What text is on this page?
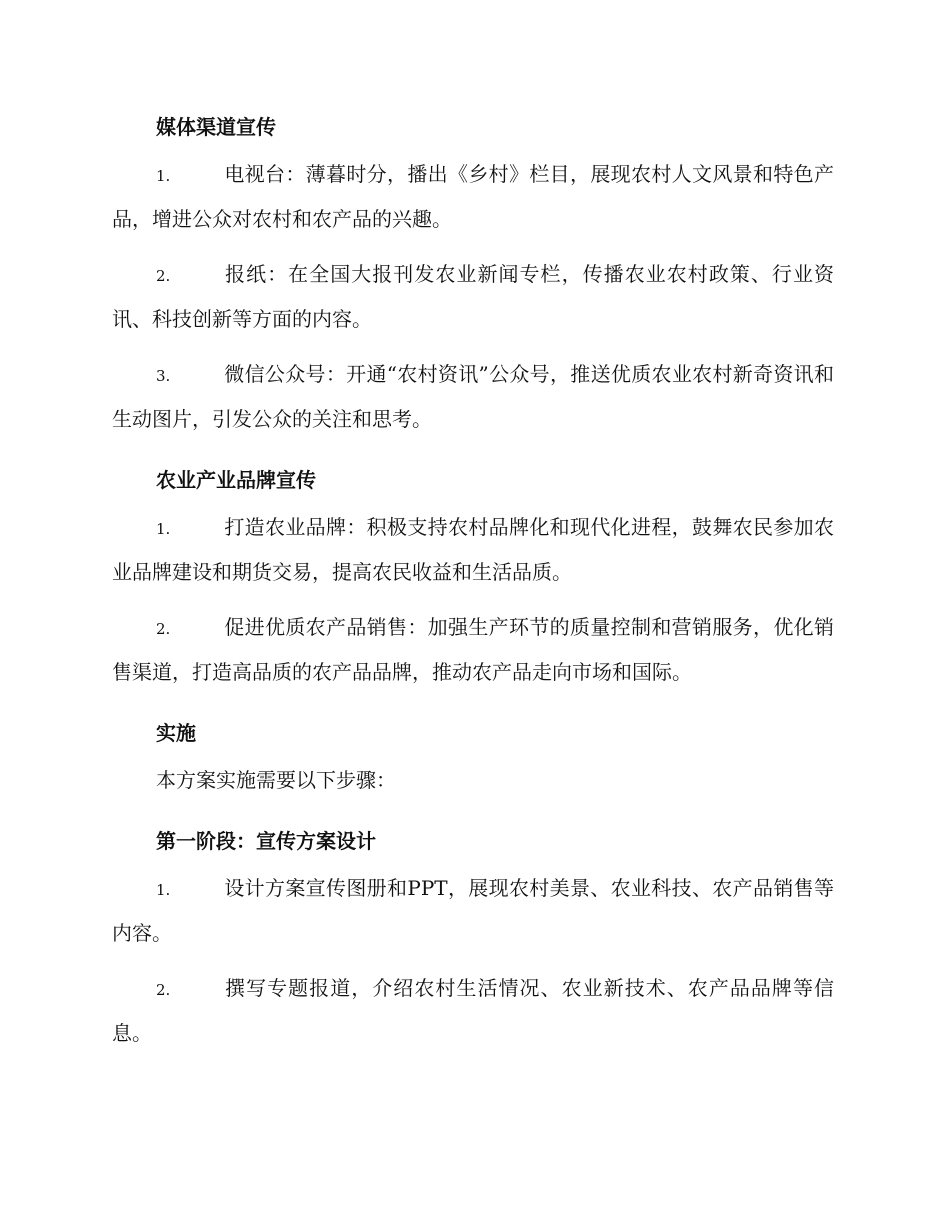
媒体渠道宣传

1.	电视台：薄暮时分，播出《乡村》栏目，展现农村人文风景和特色产品，增进公众对农村和农产品的兴趣。

2.	报纸：在全国大报刊发农业新闻专栏，传播农业农村政策、行业资讯、科技创新等方面的内容。

3.	微信公众号：开通“农村资讯”公众号，推送优质农业农村新奇资讯和生动图片，引发公众的关注和思考。

农业产业品牌宣传

1.	打造农业品牌：积极支持农村品牌化和现代化进程，鼓舞农民参加农业品牌建设和期货交易，提高农民收益和生活品质。

2.	促进优质农产品销售：加强生产环节的质量控制和营销服务，优化销售渠道，打造高品质的农产品品牌，推动农产品走向市场和国际。

实施

本方案实施需要以下步骤：

第一阶段：宣传方案设计

1.	设计方案宣传图册和PPT，展现农村美景、农业科技、农产品销售等内容。

2.	撰写专题报道，介绍农村生活情况、农业新技术、农产品品牌等信息。
